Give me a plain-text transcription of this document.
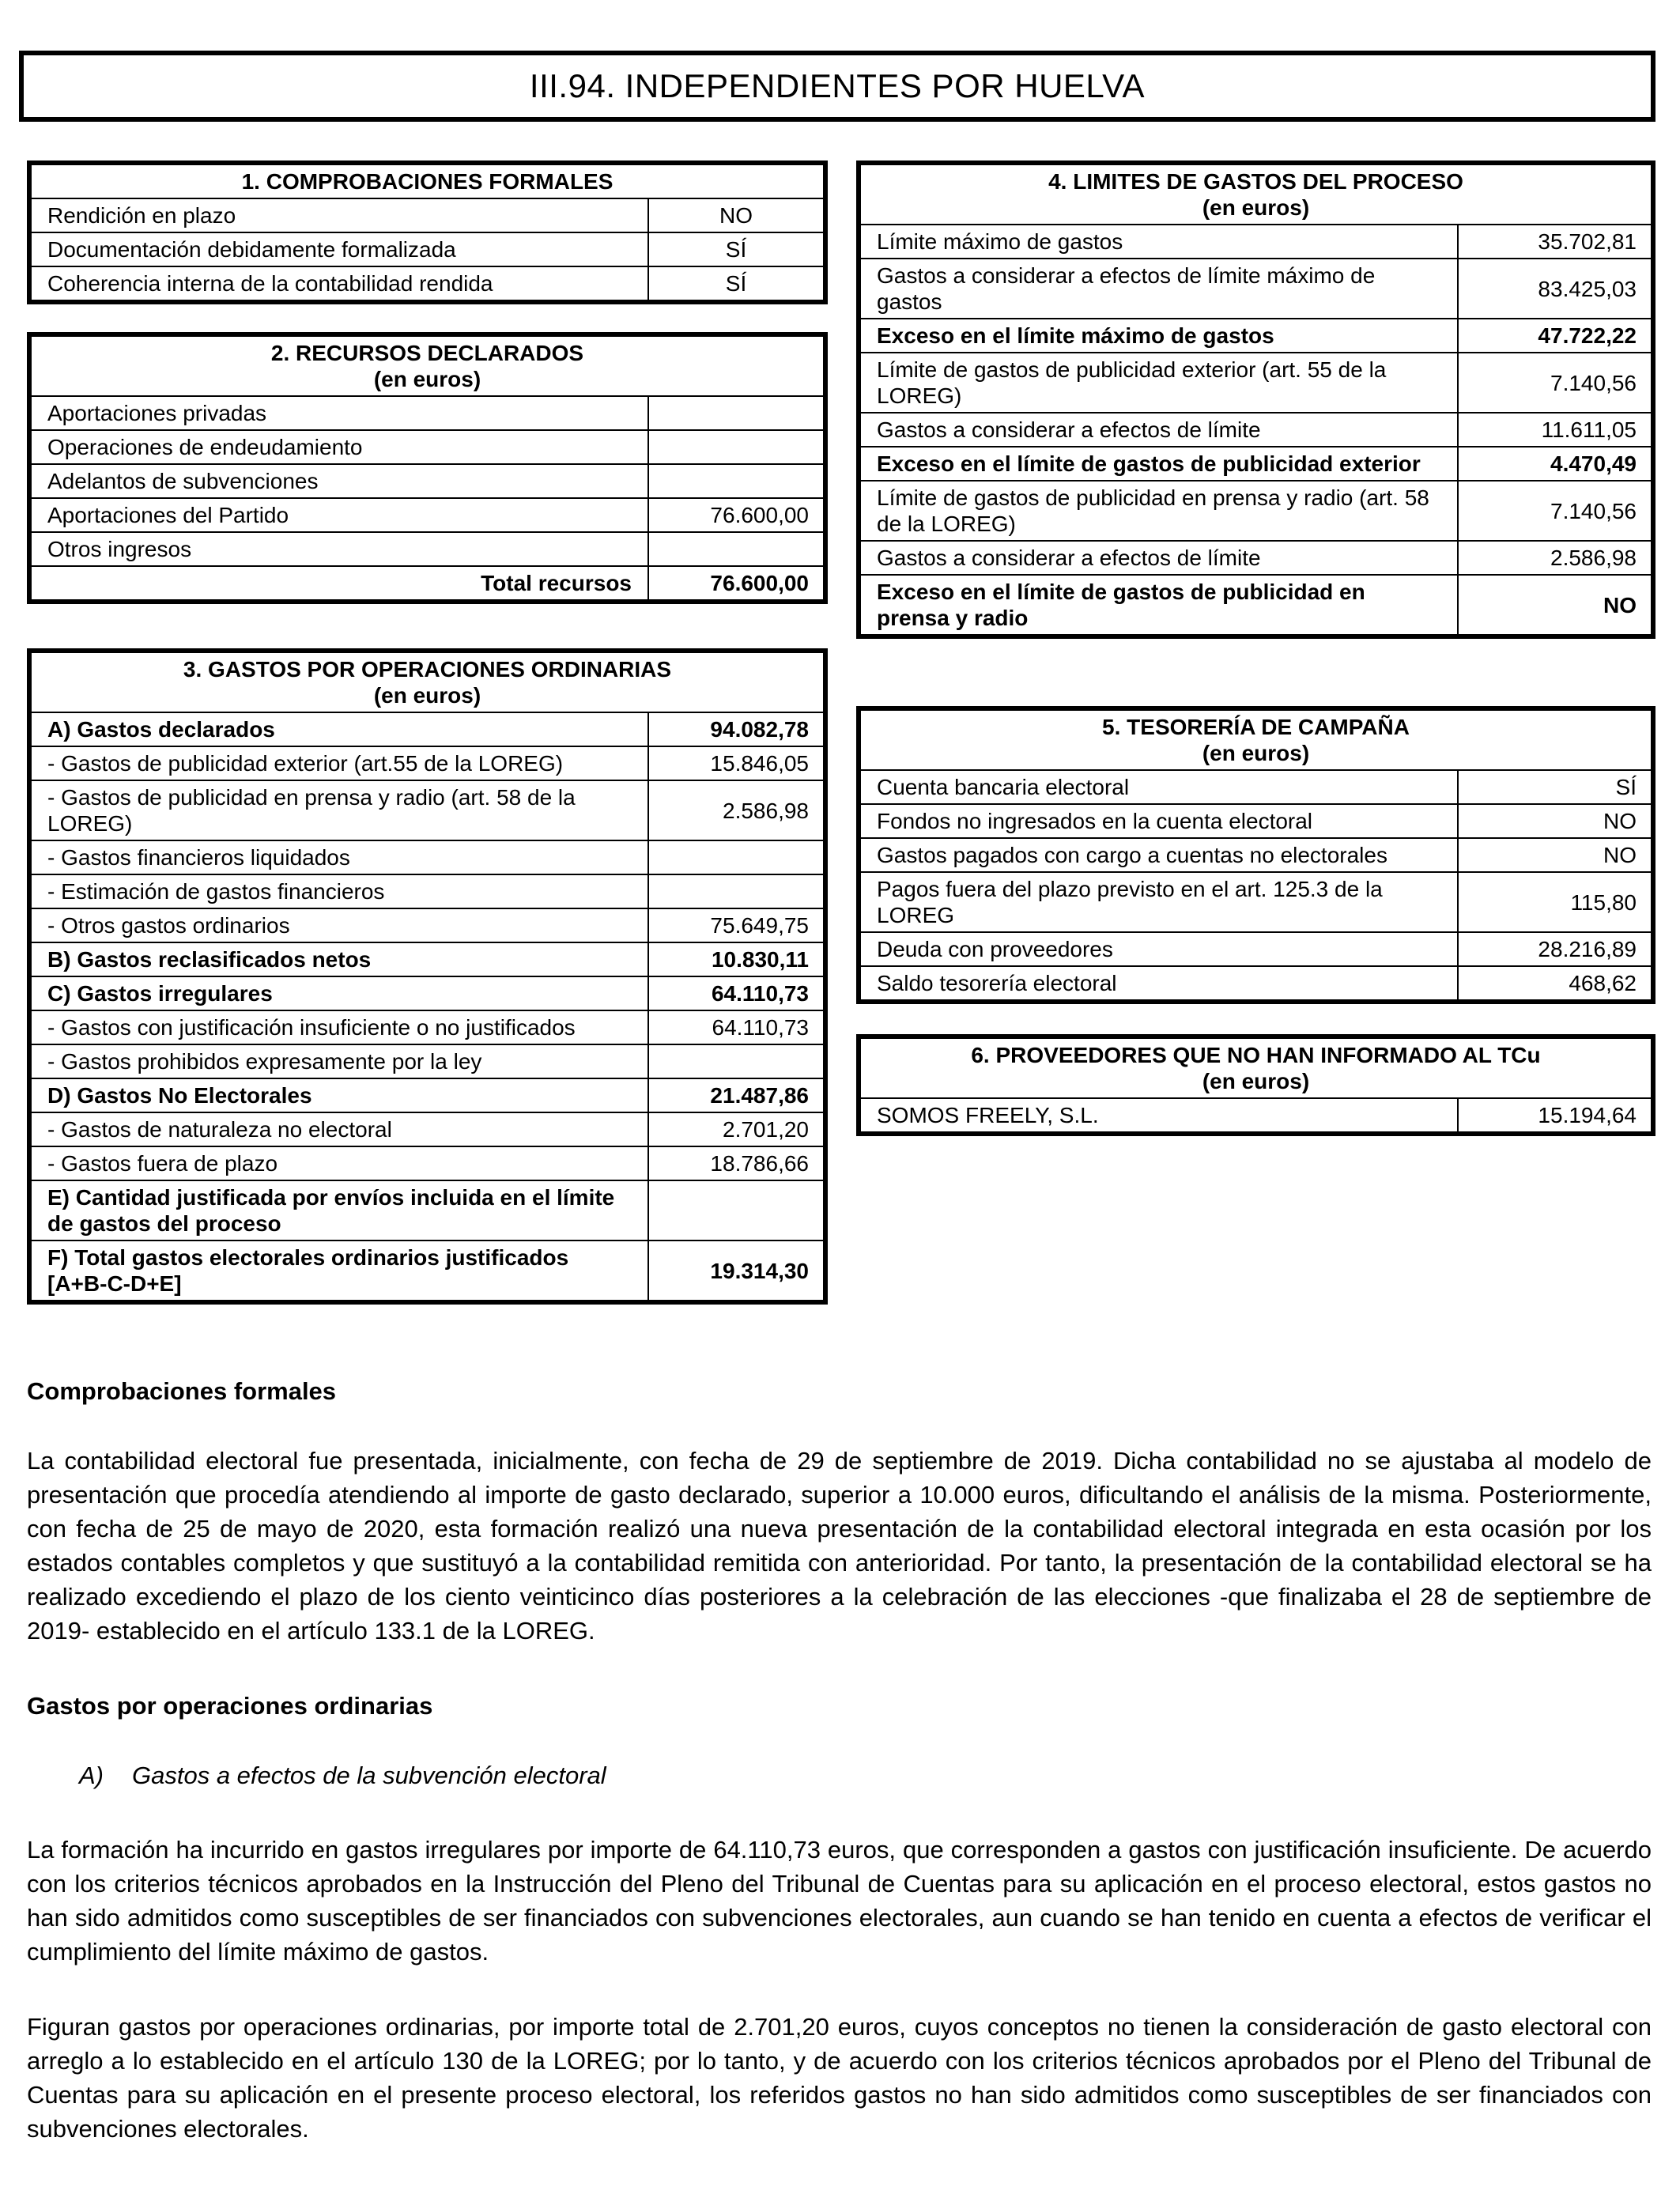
III.94. INDEPENDIENTES POR HUELVA
1. COMPROBACIONES FORMALES	
Rendición en plazo	NO
Documentación debidamente formalizada	SÍ
Coherencia interna de la contabilidad rendida	SÍ
2. RECURSOS DECLARADOS
(en euros)	

Aportaciones privadas	
Operaciones de endeudamiento	
Adelantos de subvenciones	
Aportaciones del Partido	76.600,00
Otros ingresos	
Total recursos	76.600,00
3. GASTOS POR OPERACIONES ORDINARIAS
(en euros)	

A) Gastos declarados	94.082,78
- Gastos de publicidad exterior (art.55 de la LOREG)	15.846,05
- Gastos de publicidad en prensa y radio (art. 58 de la LOREG)	2.586,98
- Gastos financieros liquidados	
- Estimación de gastos financieros	
- Otros gastos ordinarios	75.649,75
B) Gastos reclasificados netos	10.830,11
C) Gastos irregulares	64.110,73
- Gastos con justificación insuficiente o no justificados	64.110,73
- Gastos prohibidos expresamente por la ley	
D) Gastos No Electorales	21.487,86
- Gastos de naturaleza no electoral	2.701,20
- Gastos fuera de plazo	18.786,66
E) Cantidad justificada por envíos incluida en el límite de gastos del proceso	
F) Total gastos electorales ordinarios justificados [A+B-C-D+E]	19.314,30
4. LIMITES DE GASTOS DEL PROCESO
(en euros)	

Límite máximo de gastos	35.702,81
Gastos a considerar a efectos de límite máximo de gastos	83.425,03
Exceso en el límite máximo de gastos	47.722,22
Límite de gastos de publicidad exterior (art. 55 de la LOREG)	7.140,56
Gastos a considerar a efectos de límite	11.611,05
Exceso en el límite de gastos de publicidad exterior	4.470,49
Límite de gastos de publicidad en prensa y radio (art. 58 de la LOREG)	7.140,56
Gastos a considerar a efectos de límite	2.586,98
Exceso en el límite de gastos de publicidad en prensa y radio	NO
5. TESORERÍA DE CAMPAÑA
(en euros)	

Cuenta bancaria electoral	SÍ
Fondos no ingresados en la cuenta electoral	NO
Gastos pagados con cargo a cuentas no electorales	NO
Pagos fuera del plazo previsto en el art. 125.3 de la LOREG	115,80
Deuda con proveedores	28.216,89
Saldo tesorería electoral	468,62
6. PROVEEDORES QUE NO HAN INFORMADO AL TCu
(en euros)

SOMOS FREELY, S.L.	15.194,64
Comprobaciones formales
La contabilidad electoral fue presentada, inicialmente, con fecha de 29 de septiembre de 2019. Dicha contabilidad no se ajustaba al modelo de presentación que procedía atendiendo al importe de gasto declarado, superior a 10.000 euros, dificultando el análisis de la misma. Posteriormente, con fecha de 25 de mayo de 2020, esta formación realizó una nueva presentación de la contabilidad electoral integrada en esta ocasión por los estados contables completos y que sustituyó a la contabilidad remitida con anterioridad. Por tanto, la presentación de la contabilidad electoral se ha realizado excediendo el plazo de los ciento veinticinco días posteriores a la celebración de las elecciones -que finalizaba el 28 de septiembre de 2019- establecido en el artículo 133.1 de la LOREG.
Gastos por operaciones ordinarias
A) Gastos a efectos de la subvención electoral
La formación ha incurrido en gastos irregulares por importe de 64.110,73 euros, que corresponden a gastos con justificación insuficiente. De acuerdo con los criterios técnicos aprobados en la Instrucción del Pleno del Tribunal de Cuentas para su aplicación en el proceso electoral, estos gastos no han sido admitidos como susceptibles de ser financiados con subvenciones electorales, aun cuando se han tenido en cuenta a efectos de verificar el cumplimiento del límite máximo de gastos.
Figuran gastos por operaciones ordinarias, por importe total de 2.701,20 euros, cuyos conceptos no tienen la consideración de gasto electoral con arreglo a lo establecido en el artículo 130 de la LOREG; por lo tanto, y de acuerdo con los criterios técnicos aprobados por el Pleno del Tribunal de Cuentas para su aplicación en el presente proceso electoral, los referidos gastos no han sido admitidos como susceptibles de ser financiados con subvenciones electorales.
